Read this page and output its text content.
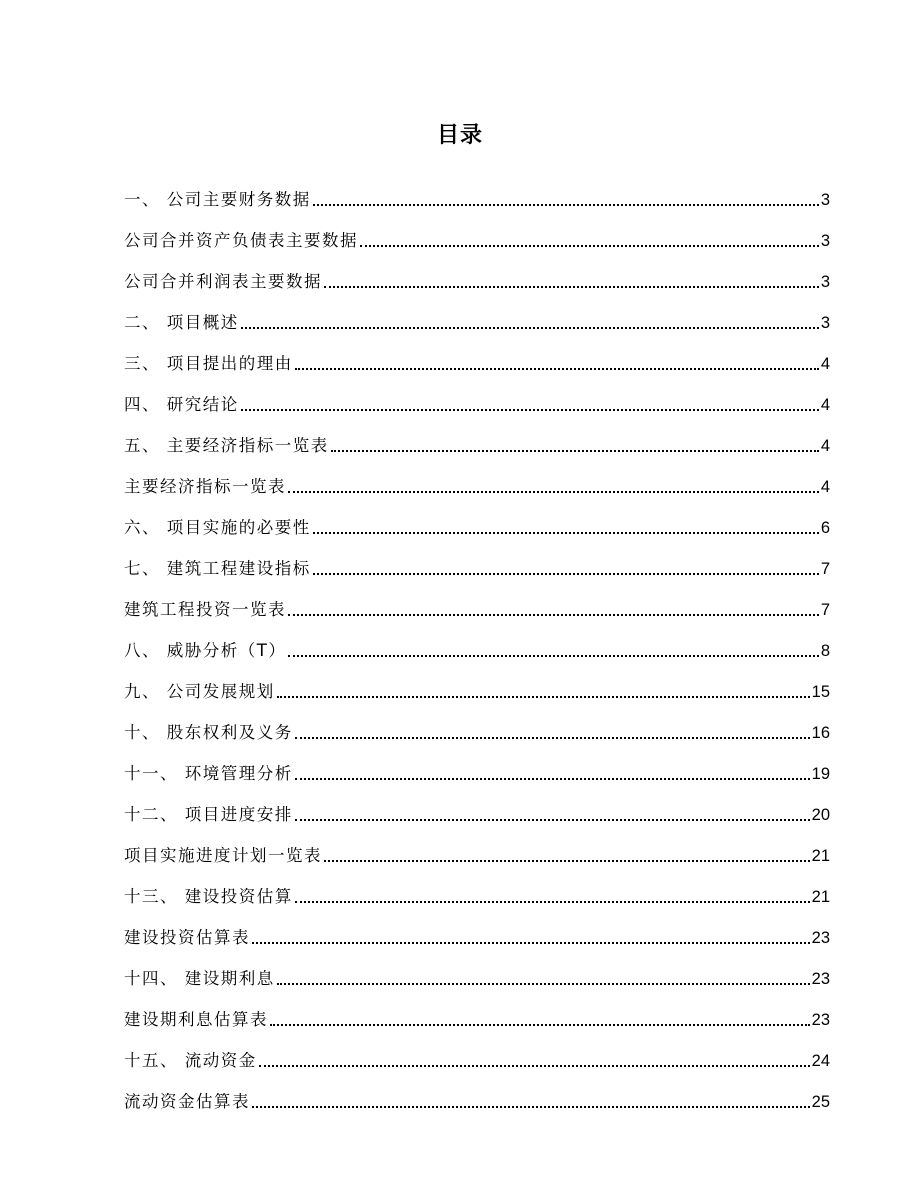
目录
一、 公司主要财务数据	3
公司合并资产负债表主要数据	3
公司合并利润表主要数据	3
二、 项目概述	3
三、 项目提出的理由	4
四、 研究结论	4
五、 主要经济指标一览表	4
主要经济指标一览表	4
六、 项目实施的必要性	6
七、 建筑工程建设指标	7
建筑工程投资一览表	7
八、 威胁分析（T）	8
九、 公司发展规划	15
十、 股东权利及义务	16
十一、 环境管理分析	19
十二、 项目进度安排	20
项目实施进度计划一览表	21
十三、 建设投资估算	21
建设投资估算表	23
十四、 建设期利息	23
建设期利息估算表	23
十五、 流动资金	24
流动资金估算表	25
